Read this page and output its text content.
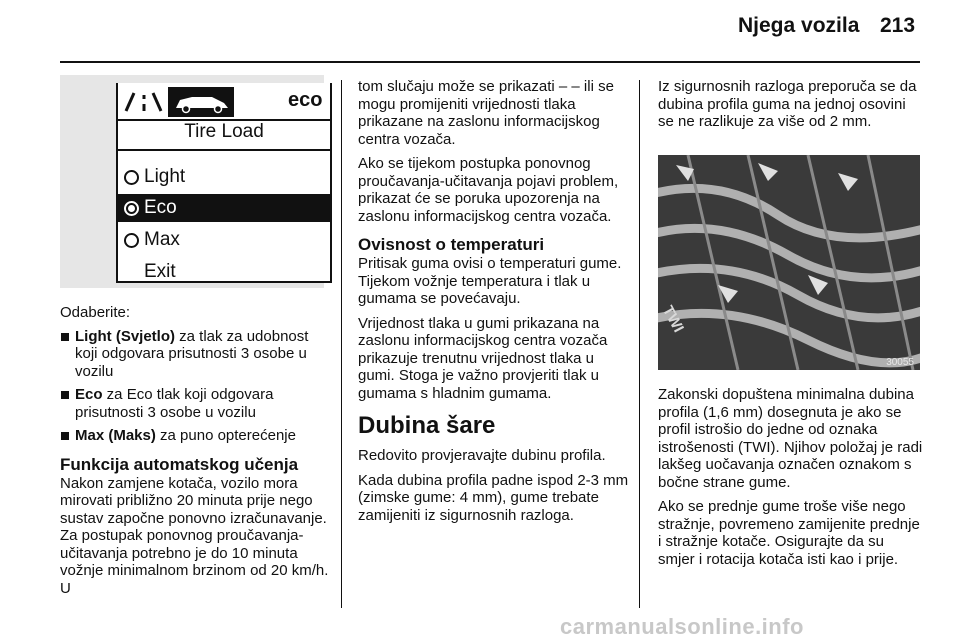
Njega vozila 213
eco
Tire Load
Light
Eco
Max
Exit

Odaberite:

Light (Svjetlo) za tlak za udobnost koji odgovara prisutnosti 3 osobe u vozilu
Eco za Eco tlak koji odgovara prisutnosti 3 osobe u vozilu
Max (Maks) za puno opterećenje
Funkcija automatskog učenja

Nakon zamjene kotača, vozilo mora mirovati približno 20 minuta prije nego sustav započne ponovno izračunavanje. Za postupak ponovnog proučavanja-učitavanja potrebno je do 10 minuta vožnje minimalnom brzinom od 20 km/h. U

tom slučaju može se prikazati ‒ ‒ ili se mogu promijeniti vrijednosti tlaka prikazane na zaslonu informacijskog centra vozača.

Ako se tijekom postupka ponovnog proučavanja-učitavanja pojavi problem, prikazat će se poruka upozorenja na zaslonu informacijskog centra vozača.

Ovisnost o temperaturi

Pritisak guma ovisi o temperaturi gume. Tijekom vožnje temperatura i tlak u gumama se povećavaju.

Vrijednost tlaka u gumi prikazana na zaslonu informacijskog centra vozača prikazuje trenutnu vrijednost tlaka u gumi. Stoga je važno provjeriti tlak u gumama s hladnim gumama.

Dubina šare

Redovito provjeravajte dubinu profila.

Kada dubina profila padne ispod 2-3 mm (zimske gume: 4 mm), gume trebate zamijeniti iz sigurnosnih razloga.

Iz sigurnosnih razloga preporuča se da dubina profila guma na jednoj osovini se ne razlikuje za više od 2 mm.

TWI
30055

Zakonski dopuštena minimalna dubina profila (1,6 mm) dosegnuta je ako se profil istrošio do jedne od oznaka istrošenosti (TWI). Njihov položaj je radi lakšeg uočavanja označen oznakom s bočne strane gume.

Ako se prednje gume troše više nego stražnje, povremeno zamijenite prednje i stražnje kotače. Osigurajte da su smjer i rotacija kotača isti kao i prije.

carmanualsonline.info
